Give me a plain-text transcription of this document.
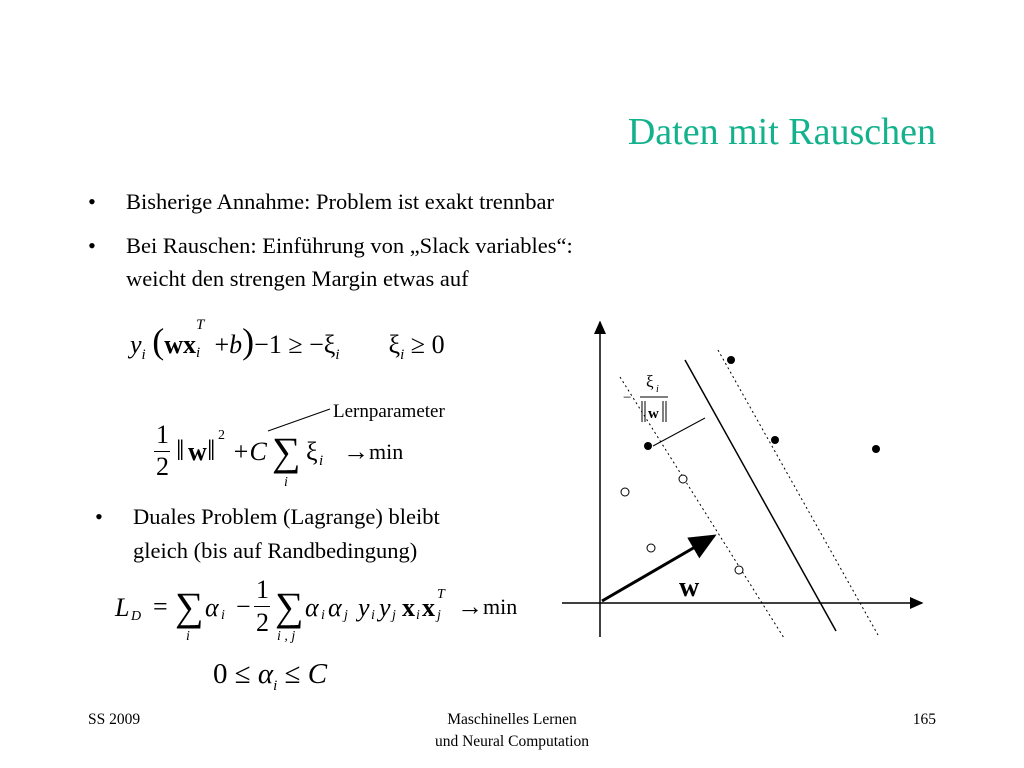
Daten mit Rauschen
• Bisherige Annahme: Problem ist exakt trennbar
• Bei Rauschen: Einführung von „Slack variables“:
weicht den strengen Margin etwas auf
• Duales Problem (Lagrange) bleibt
gleich (bis auf Randbedingung)
$y_i$ (wx
T
$i +b)-1 \ge -\xi_i$ $\xi_i \ge 0$
Lernparameter
1
2 ‖ w ‖ 2
+C ∑
i
ξ i → min
L D = ∑
i
α i −
1
2 ∑
i , j
α i α j y i y j x i x T
j → min
$0 \le \alpha_i \le C$
−
ξ i
w
w
SS 2009	Maschinelles Lernen
und Neural Computation
165
